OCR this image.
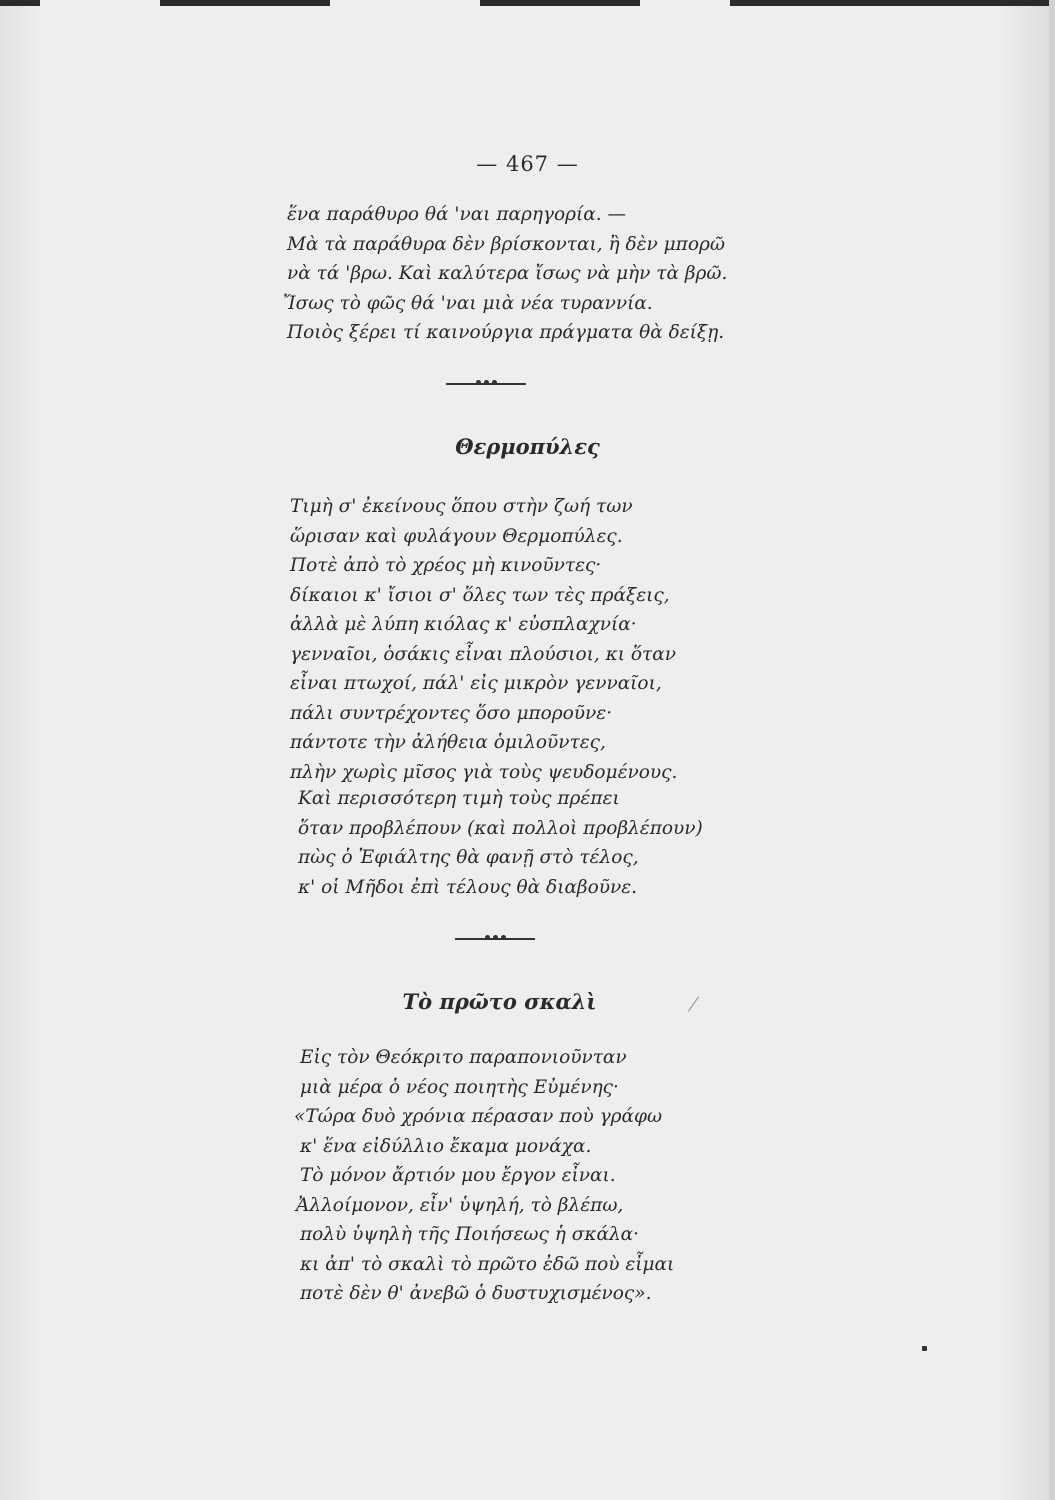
— 467 —
ἕνα παράθυρο θά 'ναι παρηγορία. —
Μὰ τὰ παράθυρα δὲν βρίσκονται, ἢ δὲν μπορῶ
νὰ τά 'βρω. Καὶ καλύτερα ἴσως νὰ μὴν τὰ βρῶ.
Ἴσως τὸ φῶς θά 'ναι μιὰ νέα τυραννία.
Ποιὸς ξέρει τί καινούργια πράγματα θὰ δείξῃ.
Θερμοπύλες
Τιμὴ σ' ἐκείνους ὅπου στὴν ζωή των
ὥρισαν καὶ φυλάγουν Θερμοπύλες.
Ποτὲ ἀπὸ τὸ χρέος μὴ κινοῦντες·
δίκαιοι κ' ἴσιοι σ' ὅλες των τὲς πράξεις,
ἀλλὰ μὲ λύπη κιόλας κ' εὐσπλαχνία·
γενναῖοι, ὁσάκις εἶναι πλούσιοι, κι ὅταν
εἶναι πτωχοί, πάλ' εἰς μικρὸν γενναῖοι,
πάλι συντρέχοντες ὅσο μποροῦνε·
πάντοτε τὴν ἀλήθεια ὁμιλοῦντες,
πλὴν χωρὶς μῖσος γιὰ τοὺς ψευδομένους.
Καὶ περισσότερη τιμὴ τοὺς πρέπει
ὅταν προβλέπουν (καὶ πολλοὶ προβλέπουν)
πὼς ὁ Ἐφιάλτης θὰ φανῇ στὸ τέλος,
κ' οἱ Μῆδοι ἐπὶ τέλους θὰ διαβοῦνε.
Τὸ πρῶτο σκαλὶ
Εἰς τὸν Θεόκριτο παραπονιοῦνταν
μιὰ μέρα ὁ νέος ποιητὴς Εὐμένης·
«Τώρα δυὸ χρόνια πέρασαν ποὺ γράφω
κ' ἕνα εἰδύλλιο ἔκαμα μονάχα.
Τὸ μόνον ἄρτιόν μου ἔργον εἶναι.
Ἀλλοίμονον, εἶν' ὑψηλή, τὸ βλέπω,
πολὺ ὑψηλὴ τῆς Ποιήσεως ἡ σκάλα·
κι ἀπ' τὸ σκαλὶ τὸ πρῶτο ἐδῶ ποὺ εἶμαι
ποτὲ δὲν θ' ἀνεβῶ ὁ δυστυχισμένος».
